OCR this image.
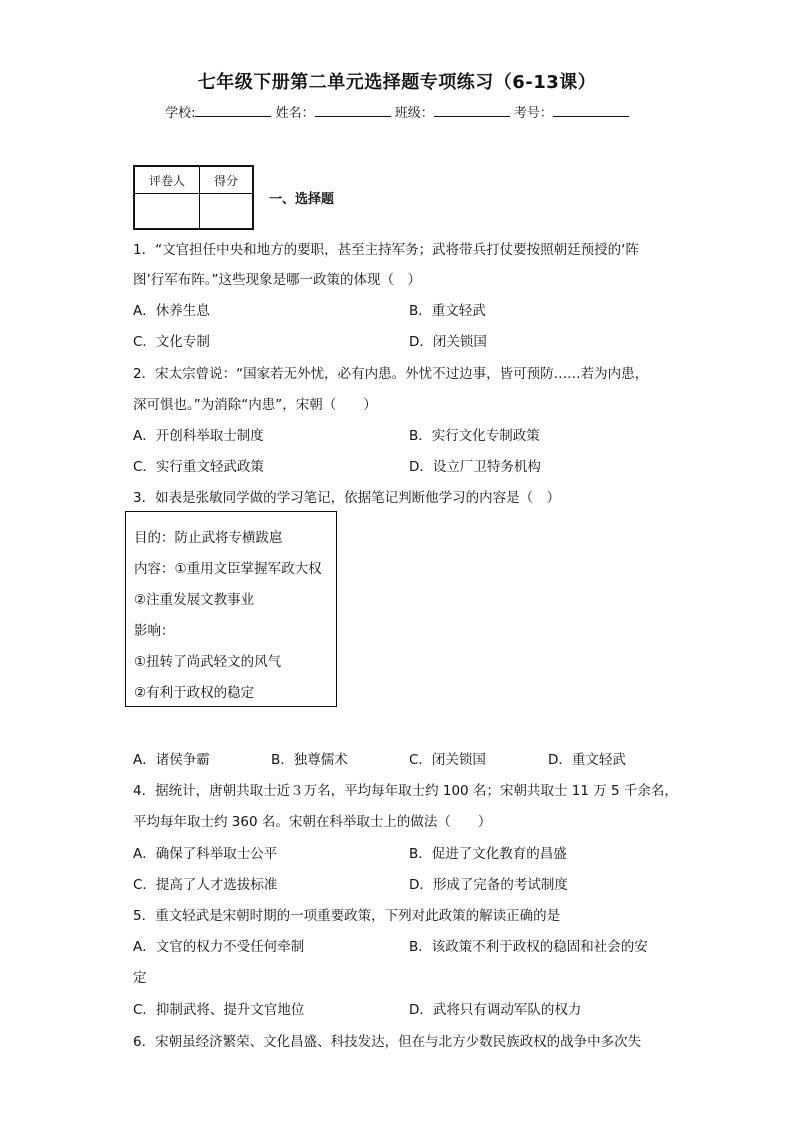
七年级下册第二单元选择题专项练习（6-13课）
学校:	姓名：	班级：	考号：
评卷人	得分

一、选择题
1．“文官担任中央和地方的要职，甚至主持军务；武将带兵打仗要按照朝廷预授的‘阵
图’行军布阵。”这些现象是哪一政策的体现（　）
A．休养生息	B．重文轻武
C．文化专制	D．闭关锁国
2．宋太宗曾说：“国家若无外忧，必有内患。外忧不过边事，皆可预防……若为内患，
深可惧也。”为消除“内患”，宋朝（　　）
A．开创科举取士制度	B．实行文化专制政策
C．实行重文轻武政策	D．设立厂卫特务机构
3．如表是张敏同学做的学习笔记，依据笔记判断他学习的内容是（　）
目的：防止武将专横跋扈
内容：①重用文臣掌握军政大权
②注重发展文教事业
影响：
①扭转了尚武轻文的风气
②有利于政权的稳定
A．诸侯争霸	B．独尊儒术	C．闭关锁国	D．重文轻武
4．据统计，唐朝共取士近３万名，平均每年取士约 100 名；宋朝共取士 11 万 5 千余名，
平均每年取士约 360 名。宋朝在科举取士上的做法（　　）
A．确保了科举取士公平	B．促进了文化教育的昌盛
C．提高了人才选拔标准	D．形成了完备的考试制度
5．重文轻武是宋朝时期的一项重要政策，下列对此政策的解读正确的是
A．文官的权力不受任何牵制	B．该政策不利于政权的稳固和社会的安
定
C．抑制武将、提升文官地位	D．武将只有调动军队的权力
6．宋朝虽经济繁荣、文化昌盛、科技发达，但在与北方少数民族政权的战争中多次失
